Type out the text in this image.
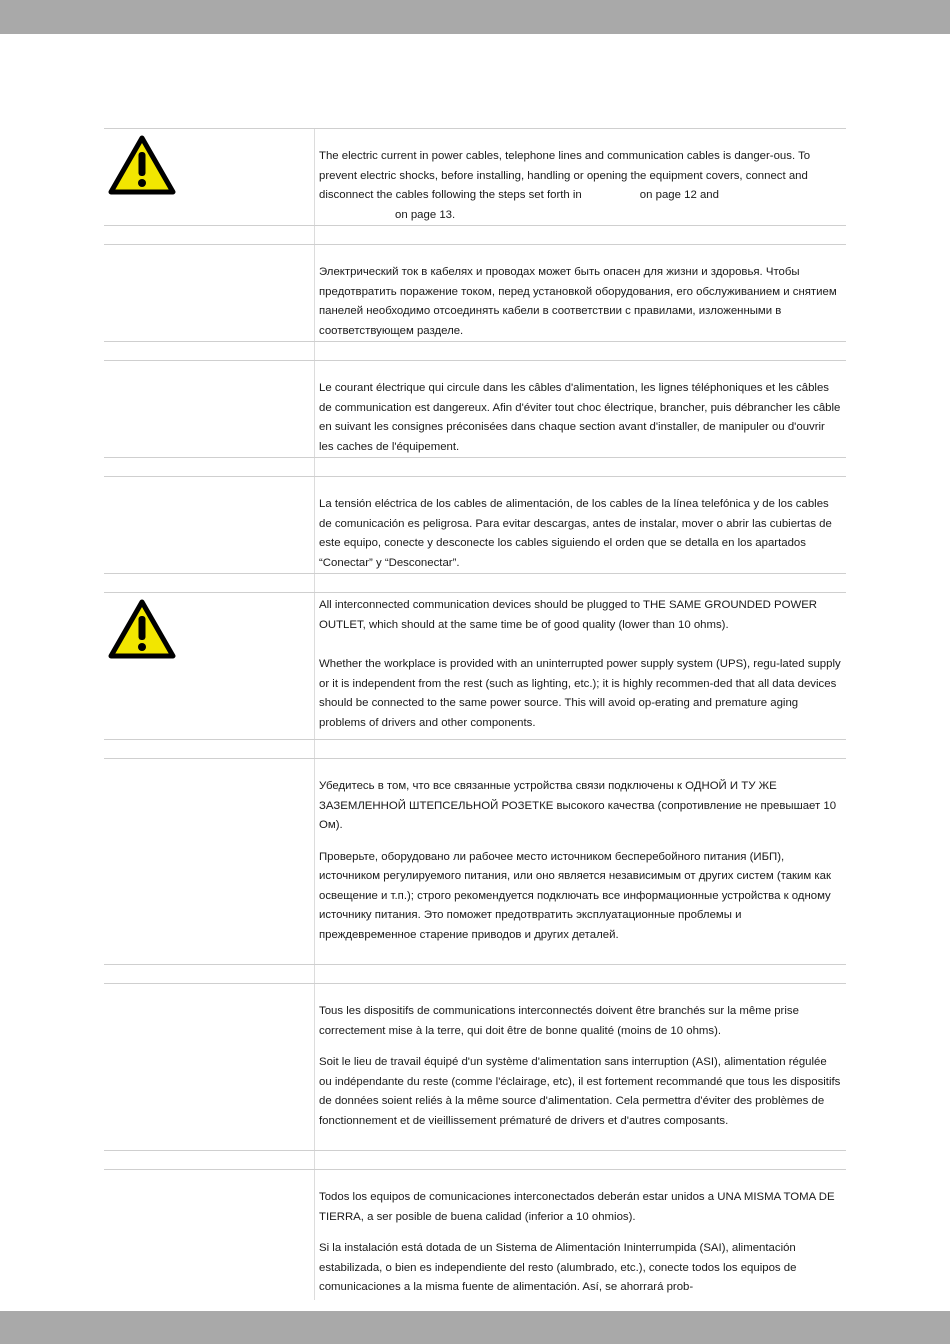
The electric current in power cables, telephone lines and communication cables is danger-ous. To prevent electric shocks, before installing, handling or opening the equipment covers, connect and disconnect the cables following the steps set forth in	on page 12 and
on page 13.

Электрический ток в кабелях и проводах может быть опасен для жизни и здоровья. Чтобы предотвратить поражение током, перед установкой оборудования, его обслуживанием и снятием панелей необходимо отсоединять кабели в соответствии с правилами, изложенными в соответствующем разделе.

Le courant électrique qui circule dans les câbles d'alimentation, les lignes téléphoniques et les câbles de communication est dangereux. Afin d'éviter tout choc électrique, brancher, puis débrancher les câble en suivant les consignes préconisées dans chaque section avant d'installer, de manipuler ou d'ouvrir les caches de l'équipement.

La tensión eléctrica de los cables de alimentación, de los cables de la línea telefónica y de los cables de comunicación es peligrosa. Para evitar descargas, antes de instalar, mover o abrir las cubiertas de este equipo, conecte y desconecte los cables siguiendo el orden que se detalla en los apartados “Conectar” y “Desconectar”.

All interconnected communication devices should be plugged to THE SAME GROUNDED POWER OUTLET, which should at the same time be of good quality (lower than 10 ohms).

Whether the workplace is provided with an uninterrupted power supply system (UPS), regu-lated supply or it is independent from the rest (such as lighting, etc.); it is highly recommen-ded that all data devices should be connected to the same power source. This will avoid op-erating and premature aging problems of drivers and other components.

Убедитесь в том, что все связанные устройства связи подключены к ОДНОЙ И ТУ ЖЕ ЗАЗЕМЛЕННОЙ ШТЕПСЕЛЬНОЙ РОЗЕТКЕ высокого качества (сопротивление не превышает 10 Ом).

Проверьте, оборудовано ли рабочее место источником бесперебойного питания (ИБП), источником регулируемого питания, или оно является независимым от других систем (таким как освещение и т.п.); строго рекомендуется подключать все информационные устройства к одному источнику питания. Это поможет предотвратить эксплуатационные проблемы и преждевременное старение приводов и других деталей.

Tous les dispositifs de communications interconnectés doivent être branchés sur la même prise correctement mise à la terre, qui doit être de bonne qualité (moins de 10 ohms).

Soit le lieu de travail équipé d'un système d'alimentation sans interruption (ASI), alimentation régulée ou indépendante du reste (comme l'éclairage, etc), il est fortement recommandé que tous les dispositifs de données soient reliés à la même source d'alimentation. Cela permettra d'éviter des problèmes de fonctionnement et de vieillissement prématuré de drivers et d'autres composants.

Todos los equipos de comunicaciones interconectados deberán estar unidos a UNA MISMA TOMA DE TIERRA, a ser posible de buena calidad (inferior a 10 ohmios).

Si la instalación está dotada de un Sistema de Alimentación Ininterrumpida (SAI), alimentación estabilizada, o bien es independiente del resto (alumbrado, etc.), conecte todos los equipos de comunicaciones a la misma fuente de alimentación. Así, se ahorrará prob-
